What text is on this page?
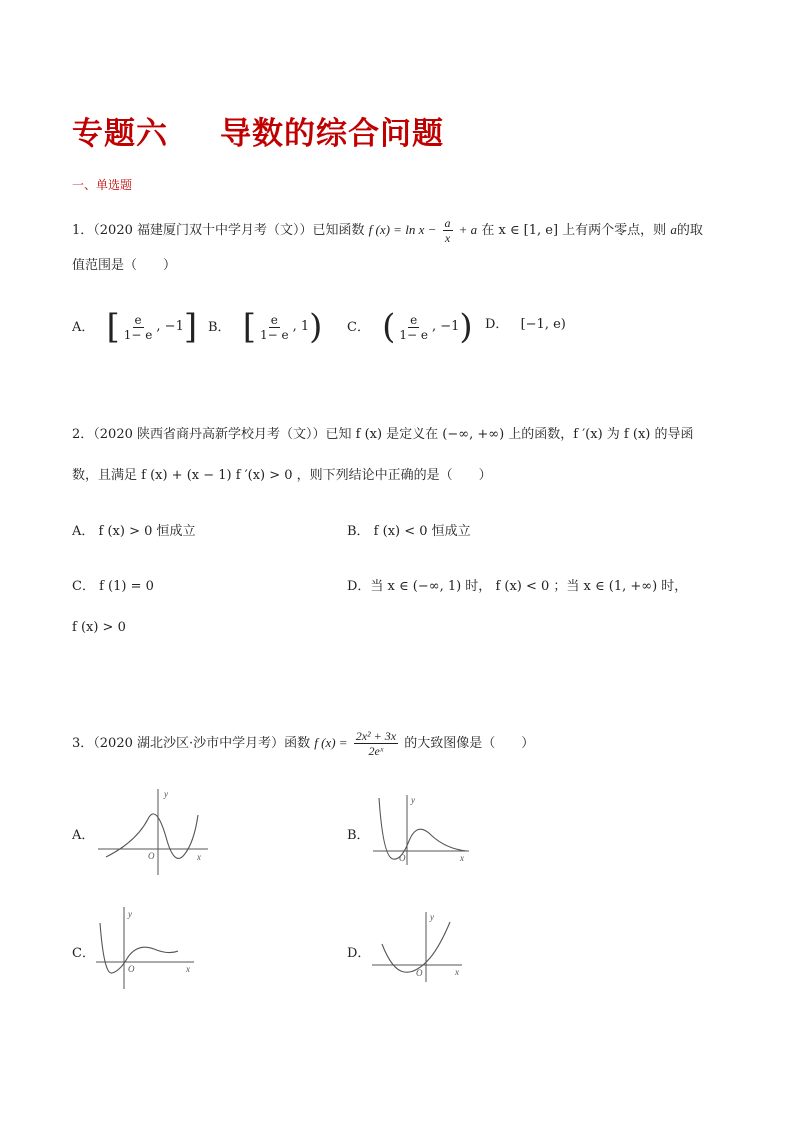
专题六 导数的综合问题
一、单选题
1．（2020 福建厦门双十中学月考（文））已知函数 f $(x) = \ln x - \frac{a}{x} + a$ 在 x ∈ [1, e] 上有两个零点，则 a的取
值范围是（　　）
A． [ $\frac{e}{1- e}$ , −1 ] B． [ $\frac{e}{1- e}$ , 1 ) C． ( $\frac{e}{1- e}$ , −1 ) D． [−1, e)
2．（2020 陕西省商丹高新学校月考（文））已知 f (x) 是定义在 (−∞, +∞) 上的函数，f ′(x) 为 f (x) 的导函
数，且满足 f (x) + (x − 1) f ′(x) > 0 ，则下列结论中正确的是（　　）
A． f (x) > 0 恒成立	B． f (x) < 0 恒成立
C． f (1) = 0	D．当 x ∈ (−∞, 1) 时， f (x) < 0 ；当 x ∈ (1, +∞) 时，
f (x) > 0
3．（2020 湖北沙区·沙市中学月考）函数 f $(x) = \frac{\text{2x² + 3x}}{\text{2eˣ}}$ 的大致图像是（　　）
A．
y
x
O
B．
y
x
O
C．
y
x
O
D．
y
x
O
